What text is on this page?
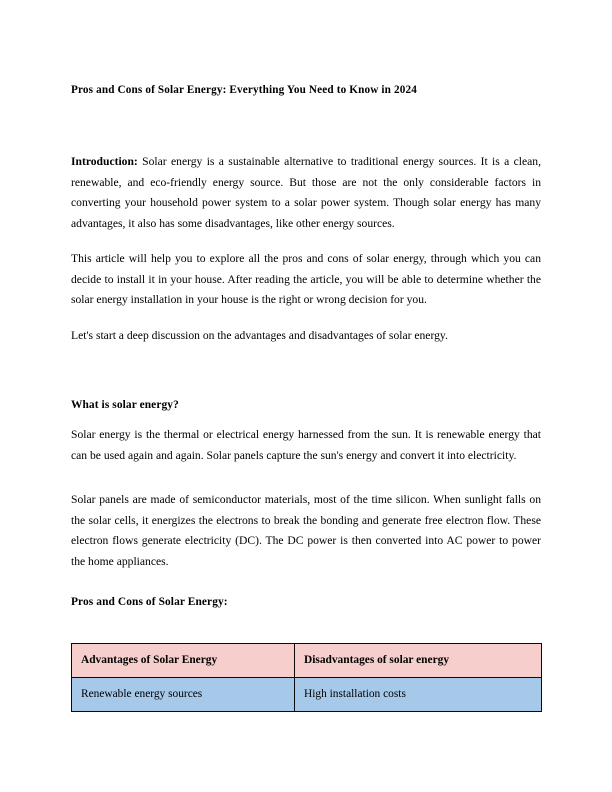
Pros and Cons of Solar Energy: Everything You Need to Know in 2024

Introduction: Solar energy is a sustainable alternative to traditional energy sources. It is a clean, renewable, and eco-friendly energy source. But those are not the only considerable factors in converting your household power system to a solar power system. Though solar energy has many advantages, it also has some disadvantages, like other energy sources.

This article will help you to explore all the pros and cons of solar energy, through which you can decide to install it in your house. After reading the article, you will be able to determine whether the solar energy installation in your house is the right or wrong decision for you.

Let's start a deep discussion on the advantages and disadvantages of solar energy.

What is solar energy?

Solar energy is the thermal or electrical energy harnessed from the sun. It is renewable energy that can be used again and again. Solar panels capture the sun's energy and convert it into electricity.

Solar panels are made of semiconductor materials, most of the time silicon. When sunlight falls on the solar cells, it energizes the electrons to break the bonding and generate free electron flow. These electron flows generate electricity (DC). The DC power is then converted into AC power to power the home appliances.

Pros and Cons of Solar Energy:
Advantages of Solar Energy	Disadvantages of solar energy
Renewable energy sources	High installation costs
